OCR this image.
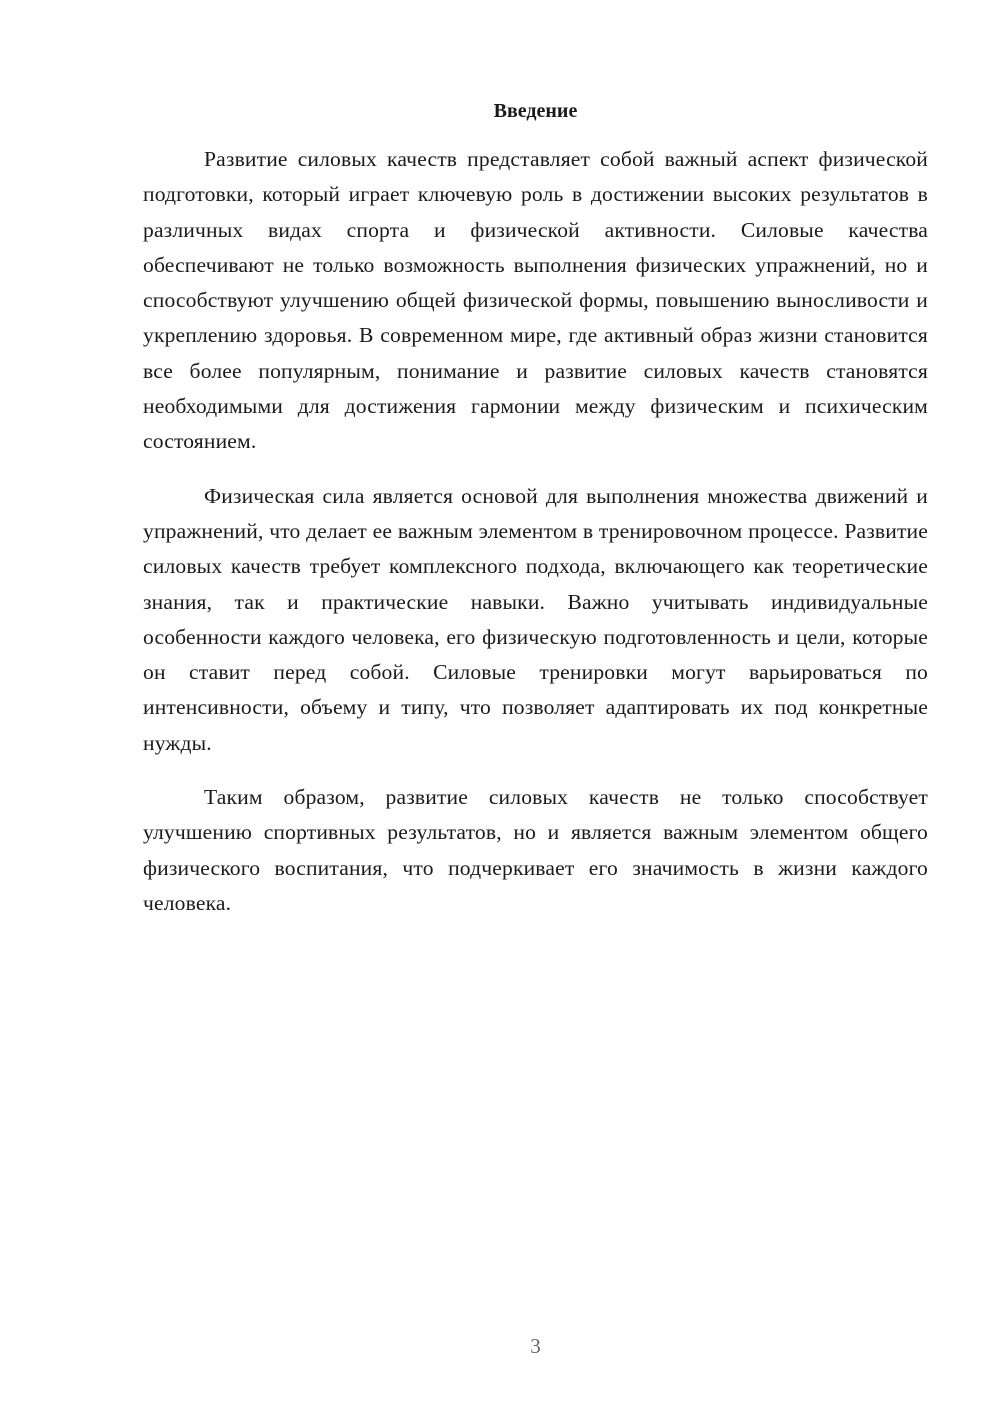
Введение

Развитие силовых качеств представляет собой важный аспект физической подготовки, который играет ключевую роль в достижении высоких результатов в различных видах спорта и физической активности. Силовые качества обеспечивают не только возможность выполнения физических упражнений, но и способствуют улучшению общей физической формы, повышению выносливости и укреплению здоровья. В современном мире, где активный образ жизни становится все более популярным, понимание и развитие силовых качеств становятся необходимыми для достижения гармонии между физическим и психическим состоянием.

Физическая сила является основой для выполнения множества движений и упражнений, что делает ее важным элементом в тренировочном процессе. Развитие силовых качеств требует комплексного подхода, включающего как теоретические знания, так и практические навыки. Важно учитывать индивидуальные особенности каждого человека, его физическую подготовленность и цели, которые он ставит перед собой. Силовые тренировки могут варьироваться по интенсивности, объему и типу, что позволяет адаптировать их под конкретные нужды.

Таким образом, развитие силовых качеств не только способствует улучшению спортивных результатов, но и является важным элементом общего физического воспитания, что подчеркивает его значимость в жизни каждого человека.

3
